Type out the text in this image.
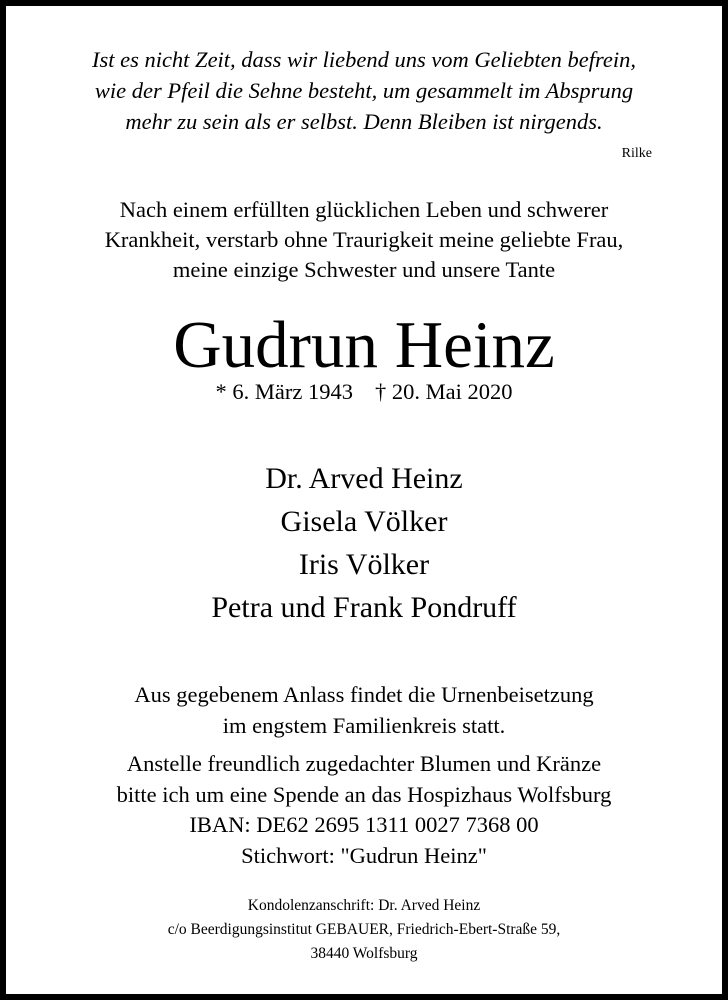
Ist es nicht Zeit, dass wir liebend uns vom Geliebten befrein,
wie der Pfeil die Sehne besteht, um gesammelt im Absprung
mehr zu sein als er selbst. Denn Bleiben ist nirgends.
Rilke
Nach einem erfüllten glücklichen Leben und schwerer
Krankheit, verstarb ohne Traurigkeit meine geliebte Frau,
meine einzige Schwester und unsere Tante
Gudrun Heinz
* 6. März 1943 † 20. Mai 2020
Dr. Arved Heinz
Gisela Völker
Iris Völker
Petra und Frank Pondruff
Aus gegebenem Anlass findet die Urnenbeisetzung
im engstem Familienkreis statt.
Anstelle freundlich zugedachter Blumen und Kränze
bitte ich um eine Spende an das Hospizhaus Wolfsburg
IBAN: DE62 2695 1311 0027 7368 00
Stichwort: "Gudrun Heinz"
Kondolenzanschrift: Dr. Arved Heinz
c/o Beerdigungsinstitut GEBAUER, Friedrich-Ebert-Straße 59,
38440 Wolfsburg
